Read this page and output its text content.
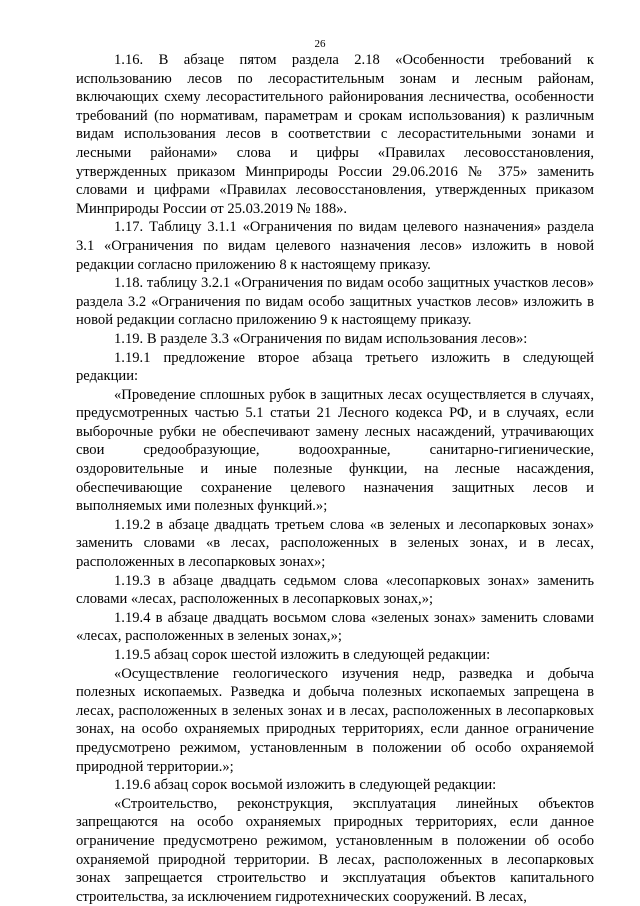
26

1.16. В абзаце пятом раздела 2.18 «Особенности требований к использованию лесов по лесорастительным зонам и лесным районам, включающих схему лесорастительного районирования лесничества, особенности требований (по нормативам, параметрам и срокам использования) к различным видам использования лесов в соответствии с лесорастительными зонами и лесными районами» слова и цифры «Правилах лесовосстановления, утвержденных приказом Минприроды России 29.06.2016 № 375» заменить словами и цифрами «Правилах лесовосстановления, утвержденных приказом Минприроды России от 25.03.2019 № 188».

1.17. Таблицу 3.1.1 «Ограничения по видам целевого назначения» раздела 3.1 «Ограничения по видам целевого назначения лесов» изложить в новой редакции согласно приложению 8 к настоящему приказу.

1.18. таблицу 3.2.1 «Ограничения по видам особо защитных участков лесов» раздела 3.2 «Ограничения по видам особо защитных участков лесов» изложить в новой редакции согласно приложению 9 к настоящему приказу.

1.19. В разделе 3.3 «Ограничения по видам использования лесов»:

1.19.1 предложение второе абзаца третьего изложить в следующей редакции:

«Проведение сплошных рубок в защитных лесах осуществляется в случаях, предусмотренных частью 5.1 статьи 21 Лесного кодекса РФ, и в случаях, если выборочные рубки не обеспечивают замену лесных насаждений, утрачивающих свои средообразующие, водоохранные, санитарно-гигиенические, оздоровительные и иные полезные функции, на лесные насаждения, обеспечивающие сохранение целевого назначения защитных лесов и выполняемых ими полезных функций.»;

1.19.2 в абзаце двадцать третьем слова «в зеленых и лесопарковых зонах» заменить словами «в лесах, расположенных в зеленых зонах, и в лесах, расположенных в лесопарковых зонах»;

1.19.3 в абзаце двадцать седьмом слова «лесопарковых зонах» заменить словами «лесах, расположенных в лесопарковых зонах,»;

1.19.4 в абзаце двадцать восьмом слова «зеленых зонах» заменить словами «лесах, расположенных в зеленых зонах,»;

1.19.5 абзац сорок шестой изложить в следующей редакции:

«Осуществление геологического изучения недр, разведка и добыча полезных ископаемых. Разведка и добыча полезных ископаемых запрещена в лесах, расположенных в зеленых зонах и в лесах, расположенных в лесопарковых зонах, на особо охраняемых природных территориях, если данное ограничение предусмотрено режимом, установленным в положении об особо охраняемой природной территории.»;

1.19.6 абзац сорок восьмой изложить в следующей редакции:

«Строительство, реконструкция, эксплуатация линейных объектов запрещаются на особо охраняемых природных территориях, если данное ограничение предусмотрено режимом, установленным в положении об особо охраняемой природной территории. В лесах, расположенных в лесопарковых зонах запрещается строительство и эксплуатация объектов капитального строительства, за исключением гидротехнических сооружений. В лесах,
